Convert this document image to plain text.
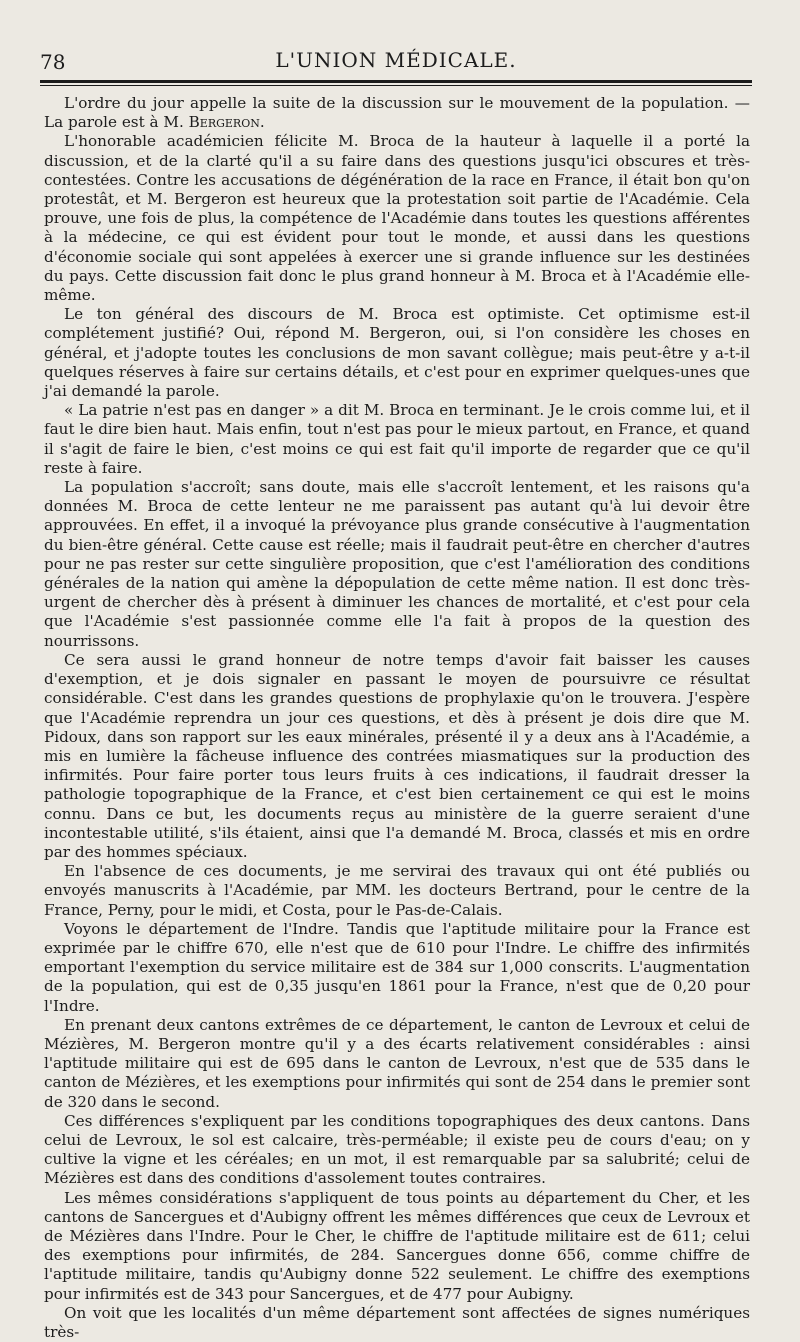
78	L'UNION MÉDICALE.

L'ordre du jour appelle la suite de la discussion sur le mouvement de la population. — La parole est à M. Bergeron.

L'honorable académicien félicite M. Broca de la hauteur à laquelle il a porté la discussion, et de la clarté qu'il a su faire dans des questions jusqu'ici obscures et très-contestées. Contre les accusations de dégénération de la race en France, il était bon qu'on protestât, et M. Bergeron est heureux que la protestation soit partie de l'Académie. Cela prouve, une fois de plus, la compétence de l'Académie dans toutes les questions afférentes à la médecine, ce qui est évident pour tout le monde, et aussi dans les questions d'économie sociale qui sont appelées à exercer une si grande influence sur les destinées du pays. Cette discussion fait donc le plus grand honneur à M. Broca et à l'Académie elle-même.

Le ton général des discours de M. Broca est optimiste. Cet optimisme est-il complétement justifié? Oui, répond M. Bergeron, oui, si l'on considère les choses en général, et j'adopte toutes les conclusions de mon savant collègue; mais peut-être y a-t-il quelques réserves à faire sur certains détails, et c'est pour en exprimer quelques-unes que j'ai demandé la parole.

« La patrie n'est pas en danger » a dit M. Broca en terminant. Je le crois comme lui, et il faut le dire bien haut. Mais enfin, tout n'est pas pour le mieux partout, en France, et quand il s'agit de faire le bien, c'est moins ce qui est fait qu'il importe de regarder que ce qu'il reste à faire.

La population s'accroît; sans doute, mais elle s'accroît lentement, et les raisons qu'a données M. Broca de cette lenteur ne me paraissent pas autant qu'à lui devoir être approuvées. En effet, il a invoqué la prévoyance plus grande consécutive à l'augmentation du bien-être général. Cette cause est réelle; mais il faudrait peut-être en chercher d'autres pour ne pas rester sur cette singulière proposition, que c'est l'amélioration des conditions générales de la nation qui amène la dépopulation de cette même nation. Il est donc très-urgent de chercher dès à présent à diminuer les chances de mortalité, et c'est pour cela que l'Académie s'est passionnée comme elle l'a fait à propos de la question des nourrissons.

Ce sera aussi le grand honneur de notre temps d'avoir fait baisser les causes d'exemption, et je dois signaler en passant le moyen de poursuivre ce résultat considérable. C'est dans les grandes questions de prophylaxie qu'on le trouvera. J'espère que l'Académie reprendra un jour ces questions, et dès à présent je dois dire que M. Pidoux, dans son rapport sur les eaux minérales, présenté il y a deux ans à l'Académie, a mis en lumière la fâcheuse influence des contrées miasmatiques sur la production des infirmités. Pour faire porter tous leurs fruits à ces indications, il faudrait dresser la pathologie topographique de la France, et c'est bien certainement ce qui est le moins connu. Dans ce but, les documents reçus au ministère de la guerre seraient d'une incontestable utilité, s'ils étaient, ainsi que l'a demandé M. Broca, classés et mis en ordre par des hommes spéciaux.

En l'absence de ces documents, je me servirai des travaux qui ont été publiés ou envoyés manuscrits à l'Académie, par MM. les docteurs Bertrand, pour le centre de la France, Perny, pour le midi, et Costa, pour le Pas-de-Calais.

Voyons le département de l'Indre. Tandis que l'aptitude militaire pour la France est exprimée par le chiffre 670, elle n'est que de 610 pour l'Indre. Le chiffre des infirmités emportant l'exemption du service militaire est de 384 sur 1,000 conscrits. L'augmentation de la population, qui est de 0,35 jusqu'en 1861 pour la France, n'est que de 0,20 pour l'Indre.

En prenant deux cantons extrêmes de ce département, le canton de Levroux et celui de Mézières, M. Bergeron montre qu'il y a des écarts relativement considérables : ainsi l'aptitude militaire qui est de 695 dans le canton de Levroux, n'est que de 535 dans le canton de Mézières, et les exemptions pour infirmités qui sont de 254 dans le premier sont de 320 dans le second.

Ces différences s'expliquent par les conditions topographiques des deux cantons. Dans celui de Levroux, le sol est calcaire, très-perméable; il existe peu de cours d'eau; on y cultive la vigne et les céréales; en un mot, il est remarquable par sa salubrité; celui de Mézières est dans des conditions d'assolement toutes contraires.

Les mêmes considérations s'appliquent de tous points au département du Cher, et les cantons de Sancergues et d'Aubigny offrent les mêmes différences que ceux de Levroux et de Mézières dans l'Indre. Pour le Cher, le chiffre de l'aptitude militaire est de 611; celui des exemptions pour infirmités, de 284. Sancergues donne 656, comme chiffre de l'aptitude militaire, tandis qu'Aubigny donne 522 seulement. Le chiffre des exemptions pour infirmités est de 343 pour Sancergues, et de 477 pour Aubigny.

On voit que les localités d'un même département sont affectées de signes numériques très-
